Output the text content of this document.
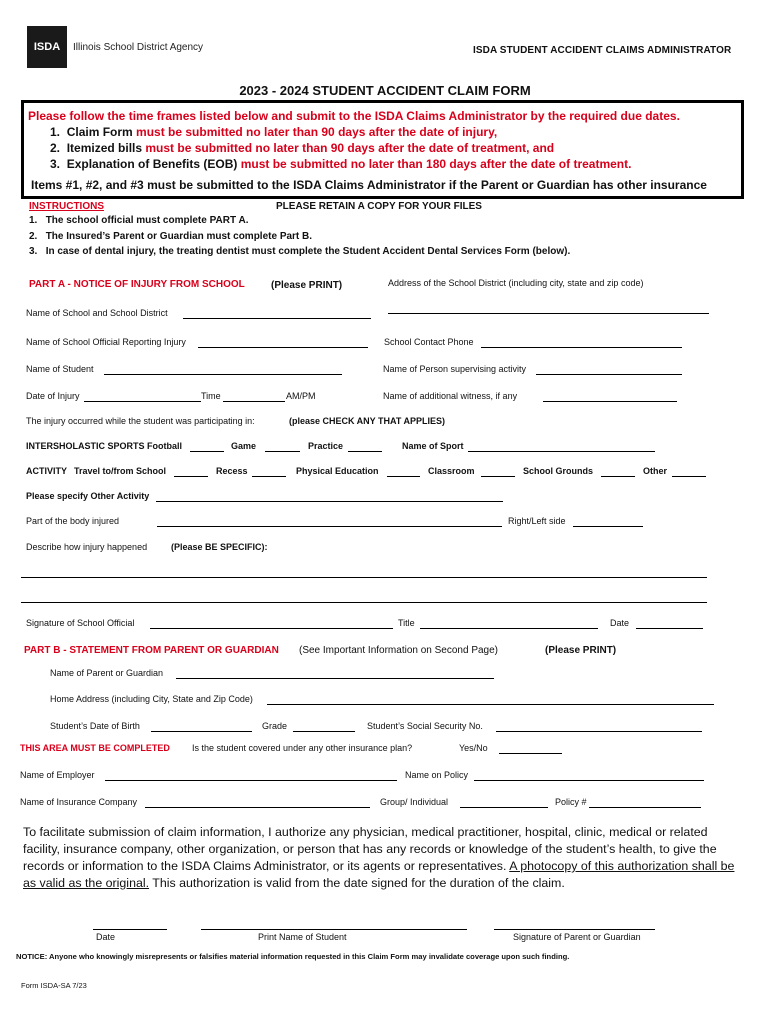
ISDA Illinois School District Agency	ISDA STUDENT ACCIDENT CLAIMS ADMINISTRATOR
2023 - 2024 STUDENT ACCIDENT CLAIM FORM
Please follow the time frames listed below and submit to the ISDA Claims Administrator by the required due dates.
1. Claim Form must be submitted no later than 90 days after the date of injury,
2. Itemized bills must be submitted no later than 90 days after the date of treatment, and
3. Explanation of Benefits (EOB) must be submitted no later than 180 days after the date of treatment.
Items #1, #2, and #3 must be submitted to the ISDA Claims Administrator if the Parent or Guardian has other insurance
INSTRUCTIONS	PLEASE RETAIN A COPY FOR YOUR FILES
1. The school official must complete PART A.
2. The Insured’s Parent or Guardian must complete Part B.
3. In case of dental injury, the treating dentist must complete the Student Accident Dental Services Form (below).
PART A - NOTICE OF INJURY FROM SCHOOL	(Please PRINT)	Address of the School District (including city, state and zip code)
Name of School and School District
Name of School Official Reporting Injury	School Contact Phone
Name of Student	Name of Person supervising activity
Date of Injury	Time	AM/PM	Name of additional witness, if any
The injury occurred while the student was participating in:	(please CHECK ANY THAT APPLIES)
INTERSHOLASTIC SPORTS Football	Game	Practice	Name of Sport
ACTIVITY Travel to/from School	Recess	Physical Education	Classroom	School Grounds	Other
Please specify Other Activity
Part of the body injured	Right/Left side
Describe how injury happened	(Please BE SPECIFIC):
Signature of School Official	Title	Date
PART B - STATEMENT FROM PARENT OR GUARDIAN (See Important Information on Second Page)	(Please PRINT)
Name of Parent or Guardian
Home Address (including City, State and Zip Code)
Student’s Date of Birth	Grade	Student’s Social Security No.
THIS AREA MUST BE COMPLETED Is the student covered under any other insurance plan?	Yes/No
Name of Employer	Name on Policy
Name of Insurance Company	Group/ Individual	Policy #
To facilitate submission of claim information, I authorize any physician, medical practitioner, hospital, clinic, medical or related facility, insurance company, other organization, or person that has any records or knowledge of the student’s health, to give the records or information to the ISDA Claims Administrator, or its agents or representatives. A photocopy of this authorization shall be as valid as the original. This authorization is valid from the date signed for the duration of the claim.
Date	Print Name of Student	Signature of Parent or Guardian
NOTICE: Anyone who knowingly misrepresents or falsifies material information requested in this Claim Form may invalidate coverage upon such finding.
Form ISDA-SA 7/23
